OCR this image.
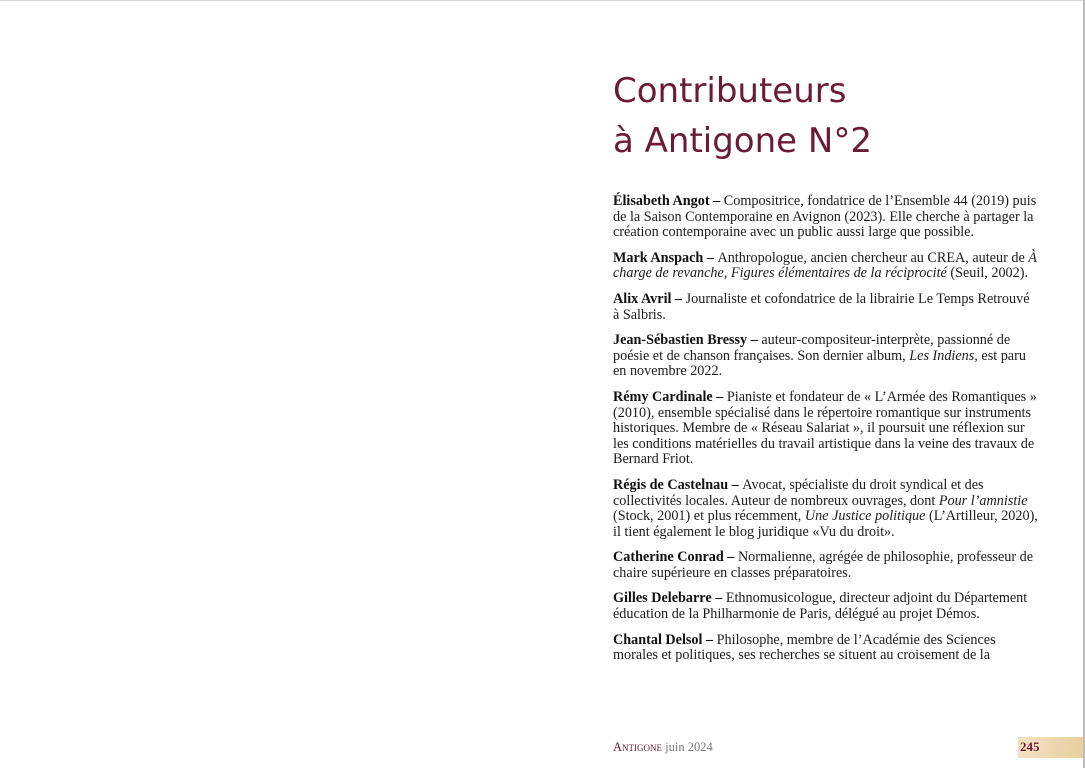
Contributeurs
à Antigone N°2

Élisabeth Angot – Compositrice, fondatrice de l’Ensemble 44 (2019) puis de la Saison Contemporaine en Avignon (2023). Elle cherche à partager la création contemporaine avec un public aussi large que possible.

Mark Anspach – Anthropologue, ancien chercheur au CREA, auteur de À charge de revanche, Figures élémentaires de la réciprocité (Seuil, 2002).

Alix Avril – Journaliste et cofondatrice de la librairie Le Temps Retrouvé à Salbris.

Jean-Sébastien Bressy – auteur-compositeur-interprète, passionné de poésie et de chanson françaises. Son dernier album, Les Indiens, est paru en novembre 2022.

Rémy Cardinale – Pianiste et fondateur de « L’Armée des Romantiques » (2010), ensemble spécialisé dans le répertoire romantique sur instruments historiques. Membre de « Réseau Salariat », il poursuit une réflexion sur les conditions matérielles du travail artistique dans la veine des travaux de Bernard Friot.

Régis de Castelnau – Avocat, spécialiste du droit syndical et des collectivités locales. Auteur de nombreux ouvrages, dont Pour l’amnistie (Stock, 2001) et plus récemment, Une Justice politique (L’Artilleur, 2020), il tient également le blog juridique «Vu du droit».

Catherine Conrad – Normalienne, agrégée de philosophie, professeur de chaire supérieure en classes préparatoires.

Gilles Delebarre – Ethnomusicologue, directeur adjoint du Département éducation de la Philharmonie de Paris, délégué au projet Démos.

Chantal Delsol – Philosophe, membre de l’Académie des Sciences morales et politiques, ses recherches se situent au croisement de la

Antigone juin 2024	245
